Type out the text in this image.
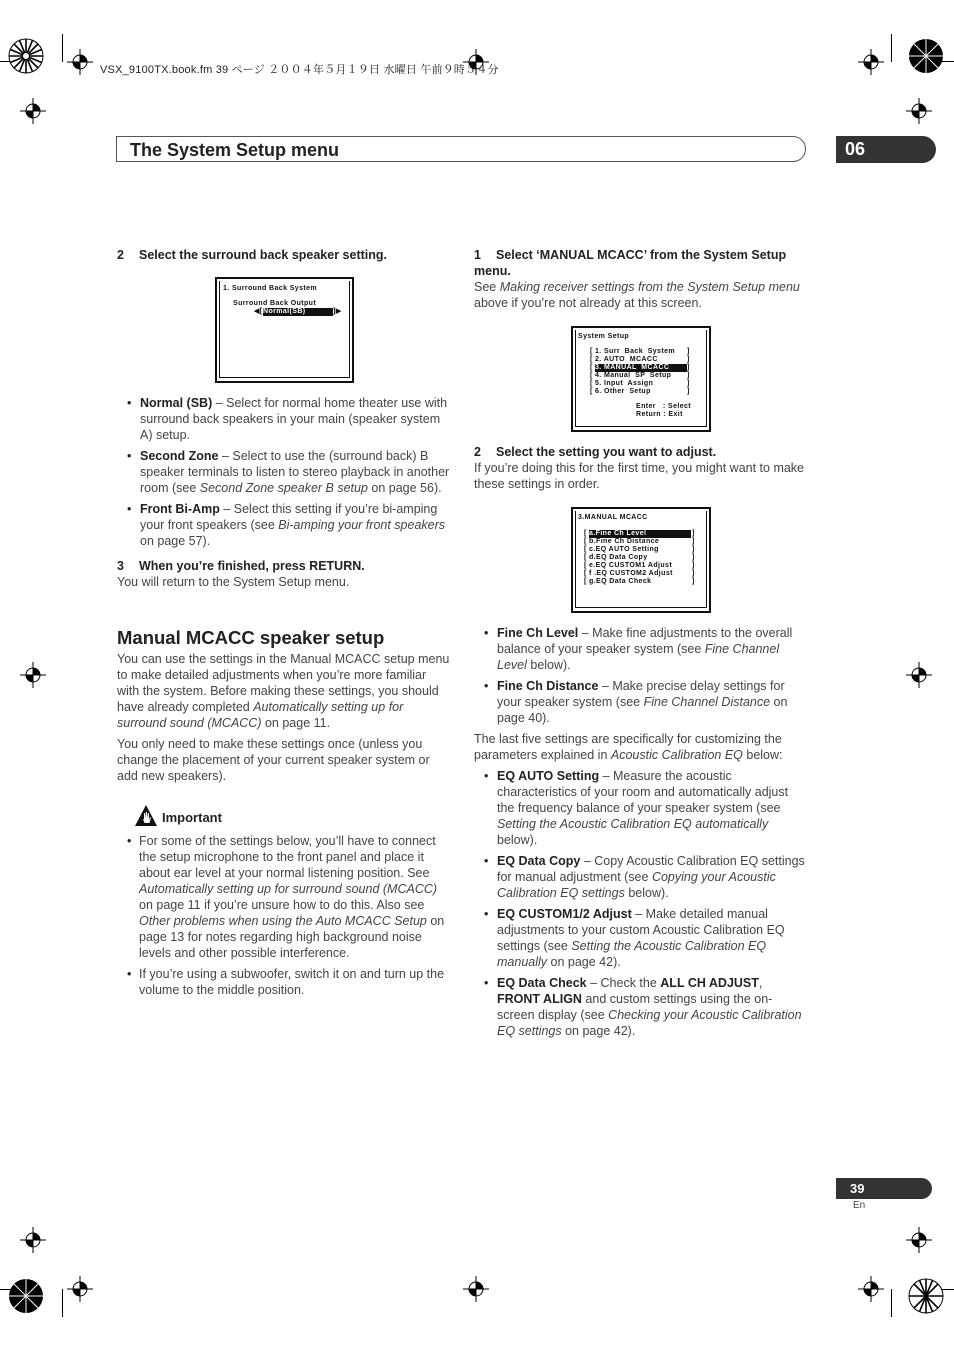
VSX_9100TX.book.fm 39 ページ ２００４年５月１９日 水曜日 午前９時５４分
The System Setup menu	06

2 Select the surround back speaker setting.

1. Surround Back System
Surround Back Output
◀[ Normal(SB)	]▶

• Normal (SB) – Select for normal home theater use with surround back speakers in your main (speaker system A) setup.

• Second Zone – Select to use the (surround back) B speaker terminals to listen to stereo playback in another room (see Second Zone speaker B setup on page 56).

• Front Bi-Amp – Select this setting if you’re bi-amping your front speakers (see Bi-amping your front speakers on page 57).

3 When you’re finished, press RETURN.

You will return to the System Setup menu.

Manual MCACC speaker setup

You can use the settings in the Manual MCACC setup menu to make detailed adjustments when you’re more familiar with the system. Before making these settings, you should have already completed Automatically setting up for surround sound (MCACC) on page 11.

You only need to make these settings once (unless you change the placement of your current speaker system or add new speakers).

Important

• For some of the settings below, you’ll have to connect the setup microphone to the front panel and place it about ear level at your normal listening position. See Automatically setting up for surround sound (MCACC) on page 11 if you’re unsure how to do this. Also see Other problems when using the Auto MCACC Setup on page 13 for notes regarding high background noise levels and other possible interference.

• If you’re using a subwoofer, switch it on and turn up the volume to the middle position.

1 Select ‘MANUAL MCACC’ from the System Setup menu.

See Making receiver settings from the System Setup menu above if you’re not already at this screen.

System Setup
[
[
[
[
[
[
]
]
]
]
]
]
1. Surr  Back  System
2. AUTO  MCACC
3. MANUAL  MCACC
4. Manual  SP  Setup
5. Input  Assign
6. Other  Setup
Enter   : Select
Return : Exit

2 Select the setting you want to adjust.

If you’re doing this for the first time, you might want to make these settings in order.

3.MANUAL MCACC
[
[
[
[
[
[
[
]
]
]
]
]
]
]
a.Fine Ch Level
b.Fine Ch Distance
c.EQ AUTO Setting
d.EQ Data Copy
e.EQ CUSTOM1 Adjust
f .EQ CUSTOM2 Adjust
g.EQ Data Check

• Fine Ch Level – Make fine adjustments to the overall balance of your speaker system (see Fine Channel Level below).

• Fine Ch Distance – Make precise delay settings for your speaker system (see Fine Channel Distance on page 40).

The last five settings are specifically for customizing the parameters explained in Acoustic Calibration EQ below:

• EQ AUTO Setting – Measure the acoustic characteristics of your room and automatically adjust the frequency balance of your speaker system (see Setting the Acoustic Calibration EQ automatically below).

• EQ Data Copy – Copy Acoustic Calibration EQ settings for manual adjustment (see Copying your Acoustic Calibration EQ settings below).

• EQ CUSTOM1/2 Adjust – Make detailed manual adjustments to your custom Acoustic Calibration EQ settings (see Setting the Acoustic Calibration EQ manually on page 42).

• EQ Data Check – Check the ALL CH ADJUST, FRONT ALIGN and custom settings using the on-screen display (see Checking your Acoustic Calibration EQ settings on page 42).

39
En
